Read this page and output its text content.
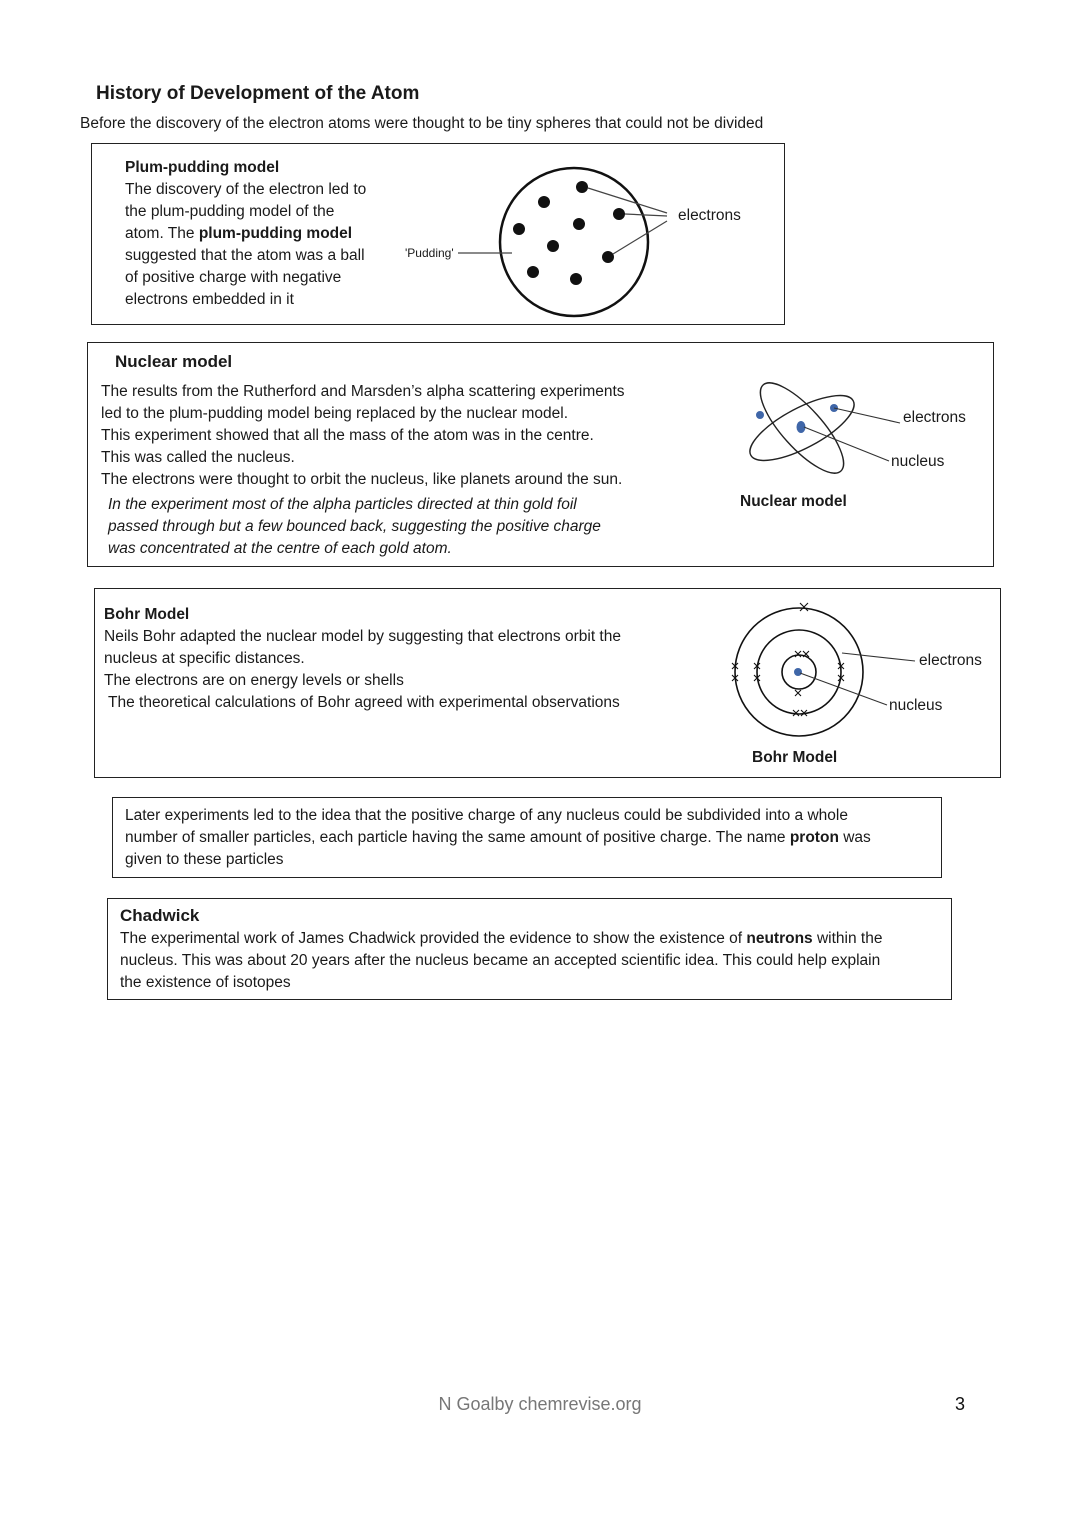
History of Development of the Atom
Before the discovery of the electron atoms were thought to be tiny spheres that could not be divided
Plum-pudding model
The discovery of the electron led to
the plum-pudding model of the
atom. The plum-pudding model
suggested that the atom was a ball
of positive charge with negative
electrons embedded in it
'Pudding'
electrons
Nuclear model
The results from the Rutherford and Marsden’s alpha scattering experiments
led to the plum-pudding model being replaced by the nuclear model.
This experiment showed that all the mass of the atom was in the centre.
This was called the nucleus.
The electrons were thought to orbit the nucleus, like planets around the sun.
In the experiment most of the alpha particles directed at thin gold foil
passed through but a few bounced back, suggesting the positive charge
was concentrated at the centre of each gold atom.
electrons
nucleus
Nuclear model
Bohr Model
Neils Bohr adapted the nuclear model by suggesting that electrons orbit the
nucleus at specific distances.
The electrons are on energy levels or shells
The theoretical calculations of Bohr agreed with experimental observations
electrons
nucleus
Bohr Model
Later experiments led to the idea that the positive charge of any nucleus could be subdivided into a whole
number of smaller particles, each particle having the same amount of positive charge. The name proton was
given to these particles
Chadwick
The experimental work of James Chadwick provided the evidence to show the existence of neutrons within the
nucleus. This was about 20 years after the nucleus became an accepted scientific idea. This could help explain
the existence of isotopes
N Goalby chemrevise.org	3
